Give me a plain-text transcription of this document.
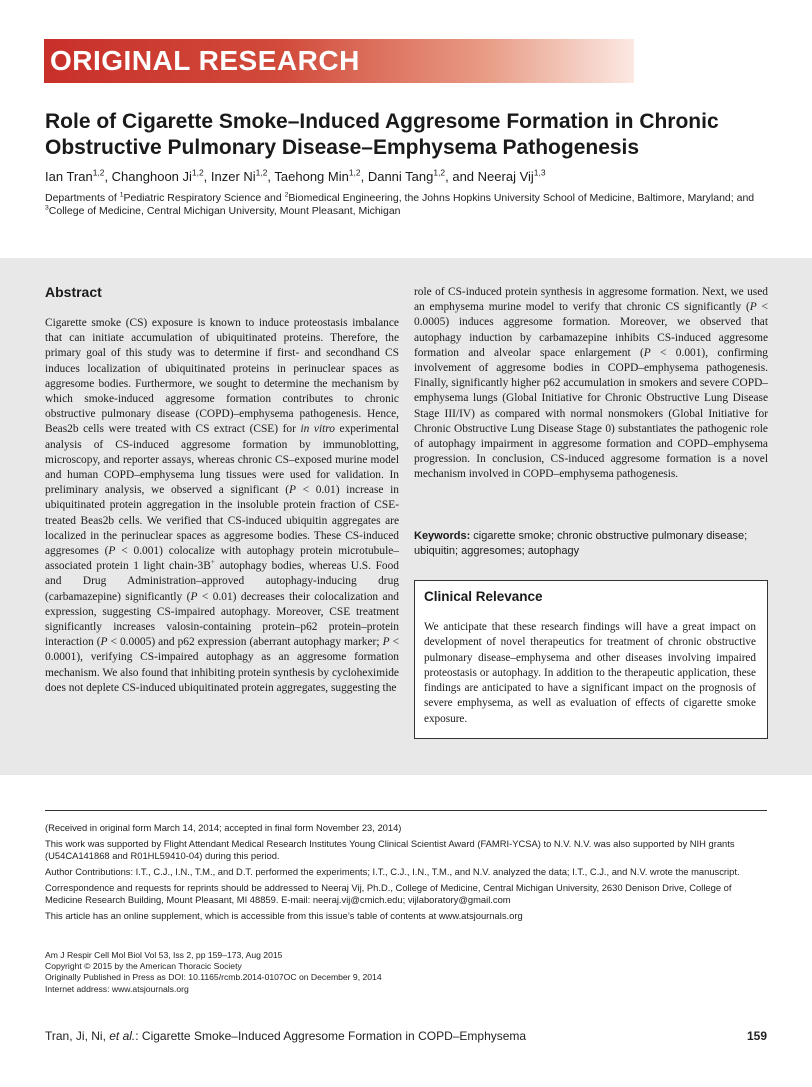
ORIGINAL RESEARCH
Role of Cigarette Smoke–Induced Aggresome Formation in Chronic Obstructive Pulmonary Disease–Emphysema Pathogenesis
Ian Tran$^{1,2}$, Changhoon Ji$^{1,2}$, Inzer Ni$^{1,2}$, Taehong Min$^{1,2}$, Danni Tang$^{1,2}$, and Neeraj Vij$^{1,3}$
Departments of $^1$Pediatric Respiratory Science and $^2$Biomedical Engineering, the Johns Hopkins University School of Medicine, Baltimore, Maryland; and $^3$College of Medicine, Central Michigan University, Mount Pleasant, Michigan
Abstract
Cigarette smoke (CS) exposure is known to induce proteostasis imbalance that can initiate accumulation of ubiquitinated proteins. Therefore, the primary goal of this study was to determine if first- and secondhand CS induces localization of ubiquitinated proteins in perinuclear spaces as aggresome bodies. Furthermore, we sought to determine the mechanism by which smoke-induced aggresome formation contributes to chronic obstructive pulmonary disease (COPD)–emphysema pathogenesis. Hence, Beas2b cells were treated with CS extract (CSE) for in vitro experimental analysis of CS-induced aggresome formation by immunoblotting, microscopy, and reporter assays, whereas chronic CS–exposed murine model and human COPD–emphysema lung tissues were used for validation. In preliminary analysis, we observed a significant (P < 0.01) increase in ubiquitinated protein aggregation in the insoluble protein fraction of CSE-treated Beas2b cells. We verified that CS-induced ubiquitin aggregates are localized in the perinuclear spaces as aggresome bodies. These CS-induced aggresomes (P < 0.001) colocalize with autophagy protein microtubule–associated protein 1 light chain-3B+ autophagy bodies, whereas U.S. Food and Drug Administration–approved autophagy-inducing drug (carbamazepine) significantly (P < 0.01) decreases their colocalization and expression, suggesting CS-impaired autophagy. Moreover, CSE treatment significantly increases valosin-containing protein–p62 protein–protein interaction (P < 0.0005) and p62 expression (aberrant autophagy marker; P < 0.0001), verifying CS-impaired autophagy as an aggresome formation mechanism. We also found that inhibiting protein synthesis by cycloheximide does not deplete CS-induced ubiquitinated protein aggregates, suggesting the
role of CS-induced protein synthesis in aggresome formation. Next, we used an emphysema murine model to verify that chronic CS significantly (P < 0.0005) induces aggresome formation. Moreover, we observed that autophagy induction by carbamazepine inhibits CS-induced aggresome formation and alveolar space enlargement (P < 0.001), confirming involvement of aggresome bodies in COPD–emphysema pathogenesis. Finally, significantly higher p62 accumulation in smokers and severe COPD–emphysema lungs (Global Initiative for Chronic Obstructive Lung Disease Stage III/IV) as compared with normal nonsmokers (Global Initiative for Chronic Obstructive Lung Disease Stage 0) substantiates the pathogenic role of autophagy impairment in aggresome formation and COPD–emphysema progression. In conclusion, CS-induced aggresome formation is a novel mechanism involved in COPD–emphysema pathogenesis.
Keywords: cigarette smoke; chronic obstructive pulmonary disease; ubiquitin; aggresomes; autophagy
Clinical Relevance
We anticipate that these research findings will have a great impact on development of novel therapeutics for treatment of chronic obstructive pulmonary disease–emphysema and other diseases involving impaired proteostasis or autophagy. In addition to the therapeutic application, these findings are anticipated to have a significant impact on the prognosis of severe emphysema, as well as evaluation of effects of cigarette smoke exposure.

(Received in original form March 14, 2014; accepted in final form November 23, 2014)

This work was supported by Flight Attendant Medical Research Institutes Young Clinical Scientist Award (FAMRI-YCSA) to N.V. N.V. was also supported by NIH grants (U54CA141868 and R01HL59410-04) during this period.

Author Contributions: I.T., C.J., I.N., T.M., and D.T. performed the experiments; I.T., C.J., I.N., T.M., and N.V. analyzed the data; I.T., C.J., and N.V. wrote the manuscript.

Correspondence and requests for reprints should be addressed to Neeraj Vij, Ph.D., College of Medicine, Central Michigan University, 2630 Denison Drive, College of Medicine Research Building, Mount Pleasant, MI 48859. E-mail: neeraj.vij@cmich.edu; vijlaboratory@gmail.com

This article has an online supplement, which is accessible from this issue’s table of contents at www.atsjournals.org

Am J Respir Cell Mol Biol Vol 53, Iss 2, pp 159–173, Aug 2015
Copyright © 2015 by the American Thoracic Society
Originally Published in Press as DOI: 10.1165/rcmb.2014-0107OC on December 9, 2014
Internet address: www.atsjournals.org
Tran, Ji, Ni, et al.: Cigarette Smoke–Induced Aggresome Formation in COPD–Emphysema	159
